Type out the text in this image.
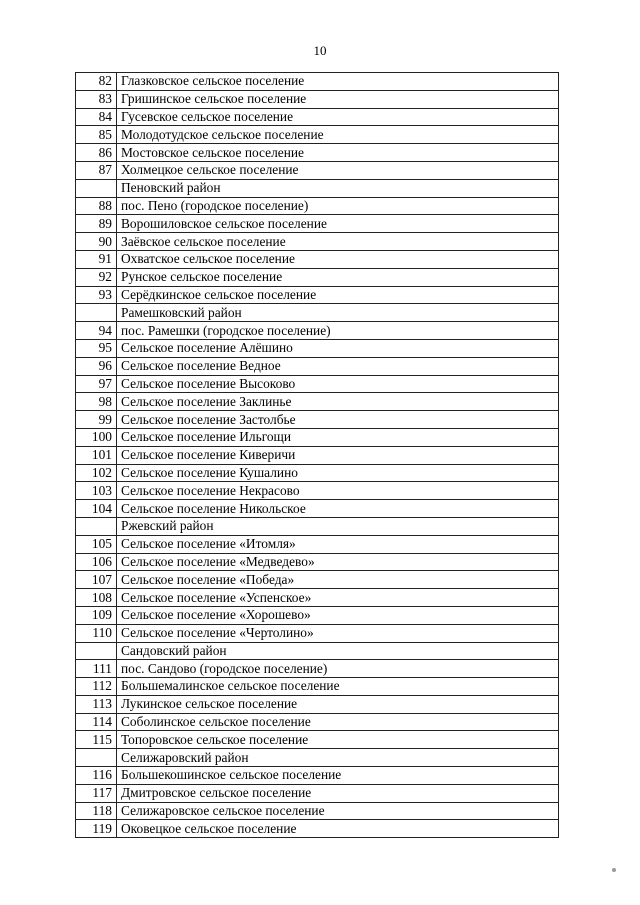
10
82	Глазковское сельское поселение
83	Гришинское сельское поселение
84	Гусевское сельское поселение
85	Молодотудское сельское поселение
86	Мостовское сельское поселение
87	Холмецкое сельское поселение
	Пеновский район
88	пос. Пено (городское поселение)
89	Ворошиловское сельское поселение
90	Заёвское сельское поселение
91	Охватское сельское поселение
92	Рунское сельское поселение
93	Серёдкинское сельское поселение
	Рамешковский район
94	пос. Рамешки (городское поселение)
95	Сельское поселение Алёшино
96	Сельское поселение Ведное
97	Сельское поселение Высоково
98	Сельское поселение Заклинье
99	Сельское поселение Застолбье
100	Сельское поселение Ильгощи
101	Сельское поселение Киверичи
102	Сельское поселение Кушалино
103	Сельское поселение Некрасово
104	Сельское поселение Никольское
	Ржевский район
105	Сельское поселение «Итомля»
106	Сельское поселение «Медведево»
107	Сельское поселение «Победа»
108	Сельское поселение «Успенское»
109	Сельское поселение «Хорошево»
110	Сельское поселение «Чертолино»
	Сандовский район
111	пос. Сандово (городское поселение)
112	Большемалинское сельское поселение
113	Лукинское сельское поселение
114	Соболинское сельское поселение
115	Топоровское сельское поселение
	Селижаровский район
116	Большекошинское сельское поселение
117	Дмитровское сельское поселение
118	Селижаровское сельское поселение
119	Оковецкое сельское поселение
